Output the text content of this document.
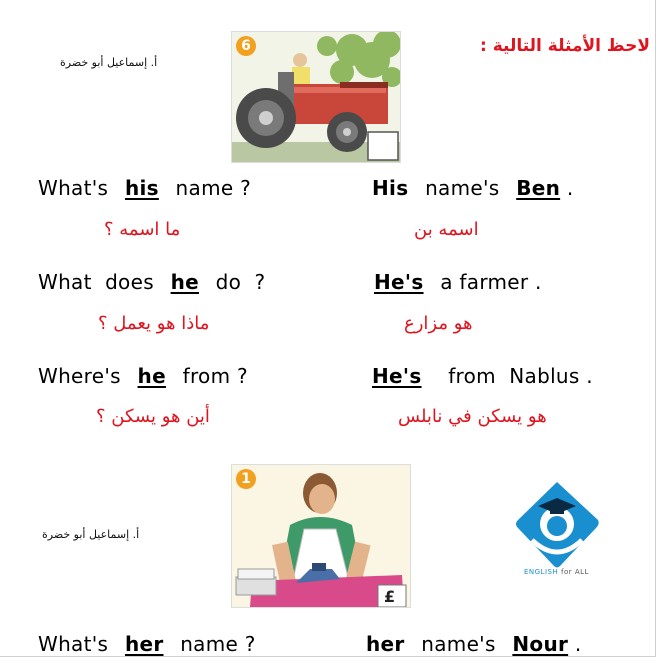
لاحظ الأمثلة التالية :
أ. إسماعيل أبو خضرة
6
What's his name ?	His name's Ben .
ما اسمه ؟	اسمه بن
What  does he do  ?	He's a farmer .
ماذا هو يعمل ؟	هو مزارع
Where's he from ?	He's from  Nablus .
أين هو يسكن ؟	هو يسكن في نابلس
1
£
أ. إسماعيل أبو خضرة
ENGLISH for ALL
What's her name ?	her name's Nour .
